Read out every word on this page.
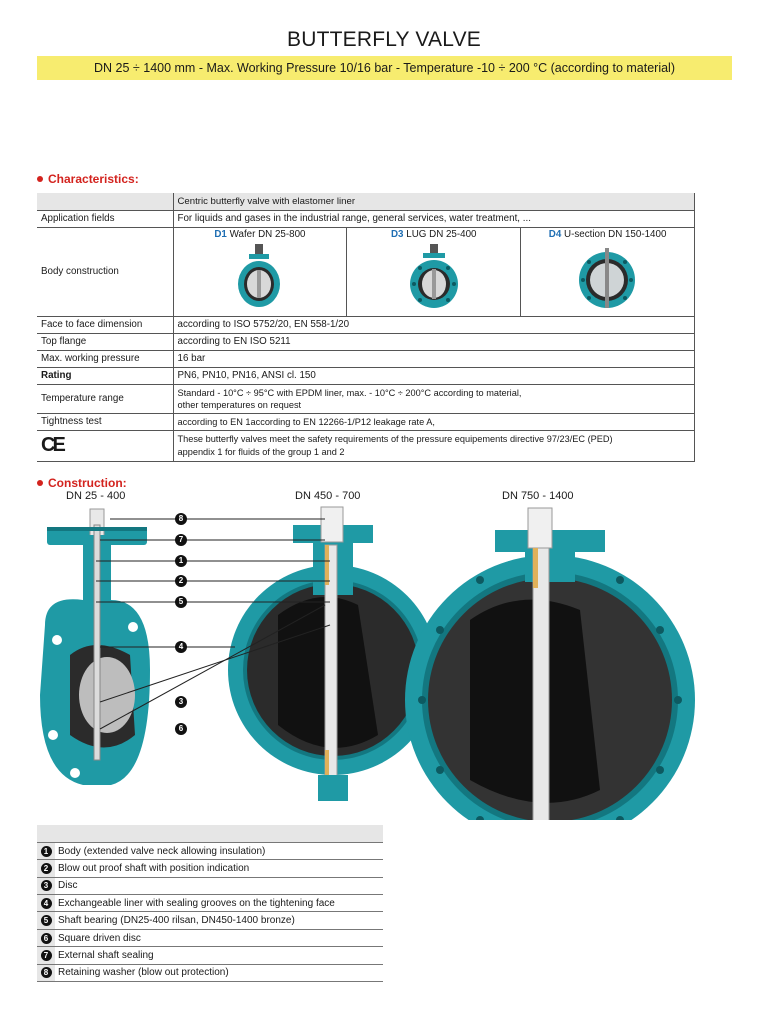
BUTTERFLY VALVE
DN 25 ÷ 1400 mm - Max. Working Pressure 10/16 bar - Temperature -10 ÷ 200 °C (according to material)
Characteristics:
	Centric butterfly valve with elastomer liner
Application fields	For liquids and gases in the industrial range, general services, water treatment, ...
Body construction	D1 Wafer DN 25-800 D3 LUG DN 25-400 D4 U-section DN 150-1400

Face to face dimension	according to ISO 5752/20, EN 558-1/20
Top flange	according to EN ISO 5211
Max. working pressure	16 bar
Rating	PN6, PN10, PN16, ANSI cl. 150
Temperature range	Standard - 10°C ÷ 95°C with EPDM liner, max. - 10°C ÷ 200°C according to material,
other temperatures on request

Tightness test	according to EN 1according to EN 12266-1/P12 leakage rate A,
CE	These butterfly valves meet the safety requirements of the pressure equipements directive 97/23/EC (PED)
appendix 1 for fluids of the group 1 and 2
Construction:
DN 25 - 400	DN 450 - 700	DN 750 - 1400
8
7
1
2
5
4
3
6

1	Body (extended valve neck allowing insulation)
2	Blow out proof shaft with position indication
3	Disc
4	Exchangeable liner with sealing grooves on the tightening face
5	Shaft bearing (DN25-400 rilsan, DN450-1400 bronze)
6	Square driven disc
7	External shaft sealing
8	Retaining washer (blow out protection)
